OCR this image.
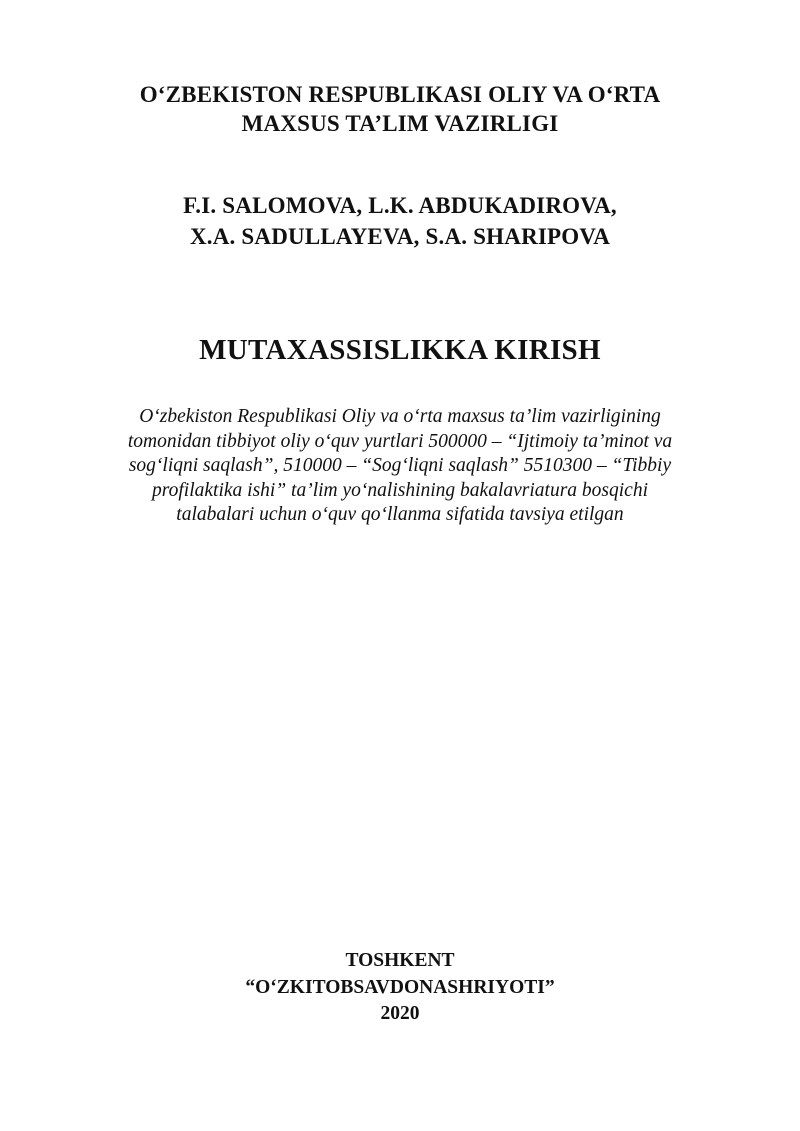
O‘ZBEKISTON RESPUBLIKASI OLIY VA O‘RTA
MAXSUS TA’LIM VAZIRLIGI
F.I. SALOMOVA, L.K. ABDUKADIROVA,
X.A. SADULLAYEVA, S.A. SHARIPOVA
MUTAXASSISLIKKA KIRISH
O‘zbekiston Respublikasi Oliy va o‘rta maxsus ta’lim vazirligining
tomonidan tibbiyot oliy o‘quv yurtlari 500000 – “Ijtimoiy ta’minot va
sog‘liqni saqlash”, 510000 – “Sog‘liqni saqlash” 5510300 – “Tibbiy
profilaktika ishi” ta’lim yo‘nalishining bakalavriatura bosqichi
talabalari uchun o‘quv qo‘llanma sifatida tavsiya etilgan
TOSHKENT
“O‘ZKITOBSAVDONASHRIYOTI”
2020
